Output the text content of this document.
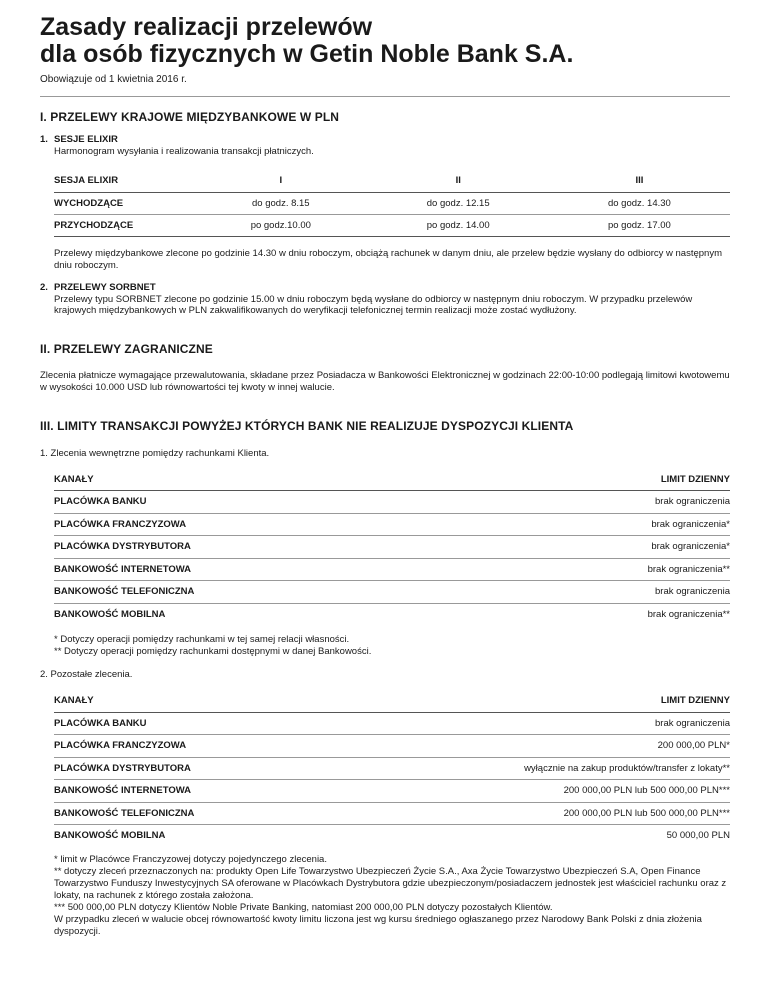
Zasady realizacji przelewów
dla osób fizycznych w Getin Noble Bank S.A.
Obowiązuje od 1 kwietnia 2016 r.
I. PRZELEWY KRAJOWE MIĘDZYBANKOWE W PLN
1. SESJE ELIXIR
Harmonogram wysyłania i realizowania transakcji płatniczych.
SESJA ELIXIR	I	II	III
WYCHODZĄCE	do godz. 8.15	do godz. 12.15	do godz. 14.30
PRZYCHODZĄCE	po godz.10.00	po godz. 14.00	po godz. 17.00
Przelewy międzybankowe zlecone po godzinie 14.30 w dniu roboczym, obciążą rachunek w danym dniu, ale przelew będzie wysłany do odbiorcy w następnym dniu roboczym.
2. PRZELEWY SORBNET
Przelewy typu SORBNET zlecone po godzinie 15.00 w dniu roboczym będą wysłane do odbiorcy w następnym dniu roboczym. W przypadku przelewów krajowych międzybankowych w PLN zakwalifikowanych do weryfikacji telefonicznej termin realizacji może zostać wydłużony.
II. PRZELEWY ZAGRANICZNE
Zlecenia płatnicze wymagające przewalutowania, składane przez Posiadacza w Bankowości Elektronicznej w godzinach 22:00-10:00 podlegają limitowi kwotowemu w wysokości 10.000 USD lub równowartości tej kwoty w innej walucie.
III. LIMITY TRANSAKCJI POWYŻEJ KTÓRYCH BANK NIE REALIZUJE DYSPOZYCJI KLIENTA
1. Zlecenia wewnętrzne pomiędzy rachunkami Klienta.
KANAŁY	LIMIT DZIENNY
PLACÓWKA BANKU	brak ograniczenia
PLACÓWKA FRANCZYZOWA	brak ograniczenia*
PLACÓWKA DYSTRYBUTORA	brak ograniczenia*
BANKOWOŚĆ INTERNETOWA	brak ograniczenia**
BANKOWOŚĆ TELEFONICZNA	brak ograniczenia
BANKOWOŚĆ MOBILNA	brak ograniczenia**
* Dotyczy operacji pomiędzy rachunkami w tej samej relacji własności.
** Dotyczy operacji pomiędzy rachunkami dostępnymi w danej Bankowości.
2. Pozostałe zlecenia.
KANAŁY	LIMIT DZIENNY
PLACÓWKA BANKU	brak ograniczenia
PLACÓWKA FRANCZYZOWA	200 000,00 PLN*
PLACÓWKA DYSTRYBUTORA	wyłącznie na zakup produktów/transfer z lokaty**
BANKOWOŚĆ INTERNETOWA	200 000,00 PLN lub 500 000,00 PLN***
BANKOWOŚĆ TELEFONICZNA	200 000,00 PLN lub 500 000,00 PLN***
BANKOWOŚĆ MOBILNA	50 000,00 PLN
* limit w Placówce Franczyzowej dotyczy pojedynczego zlecenia.
** dotyczy zleceń przeznaczonych na: produkty Open Life Towarzystwo Ubezpieczeń Życie S.A., Axa Życie Towarzystwo Ubezpieczeń S.A, Open Finance Towarzystwo Funduszy Inwestycyjnych SA oferowane w Placówkach Dystrybutora gdzie ubezpieczonym/posiadaczem jednostek jest właściciel rachunku oraz z lokaty, na rachunek z którego została założona.
*** 500 000,00 PLN dotyczy Klientów Noble Private Banking, natomiast 200 000,00 PLN dotyczy pozostałych Klientów.
W przypadku zleceń w walucie obcej równowartość kwoty limitu liczona jest wg kursu średniego ogłaszanego przez Narodowy Bank Polski z dnia złożenia dyspozycji.
